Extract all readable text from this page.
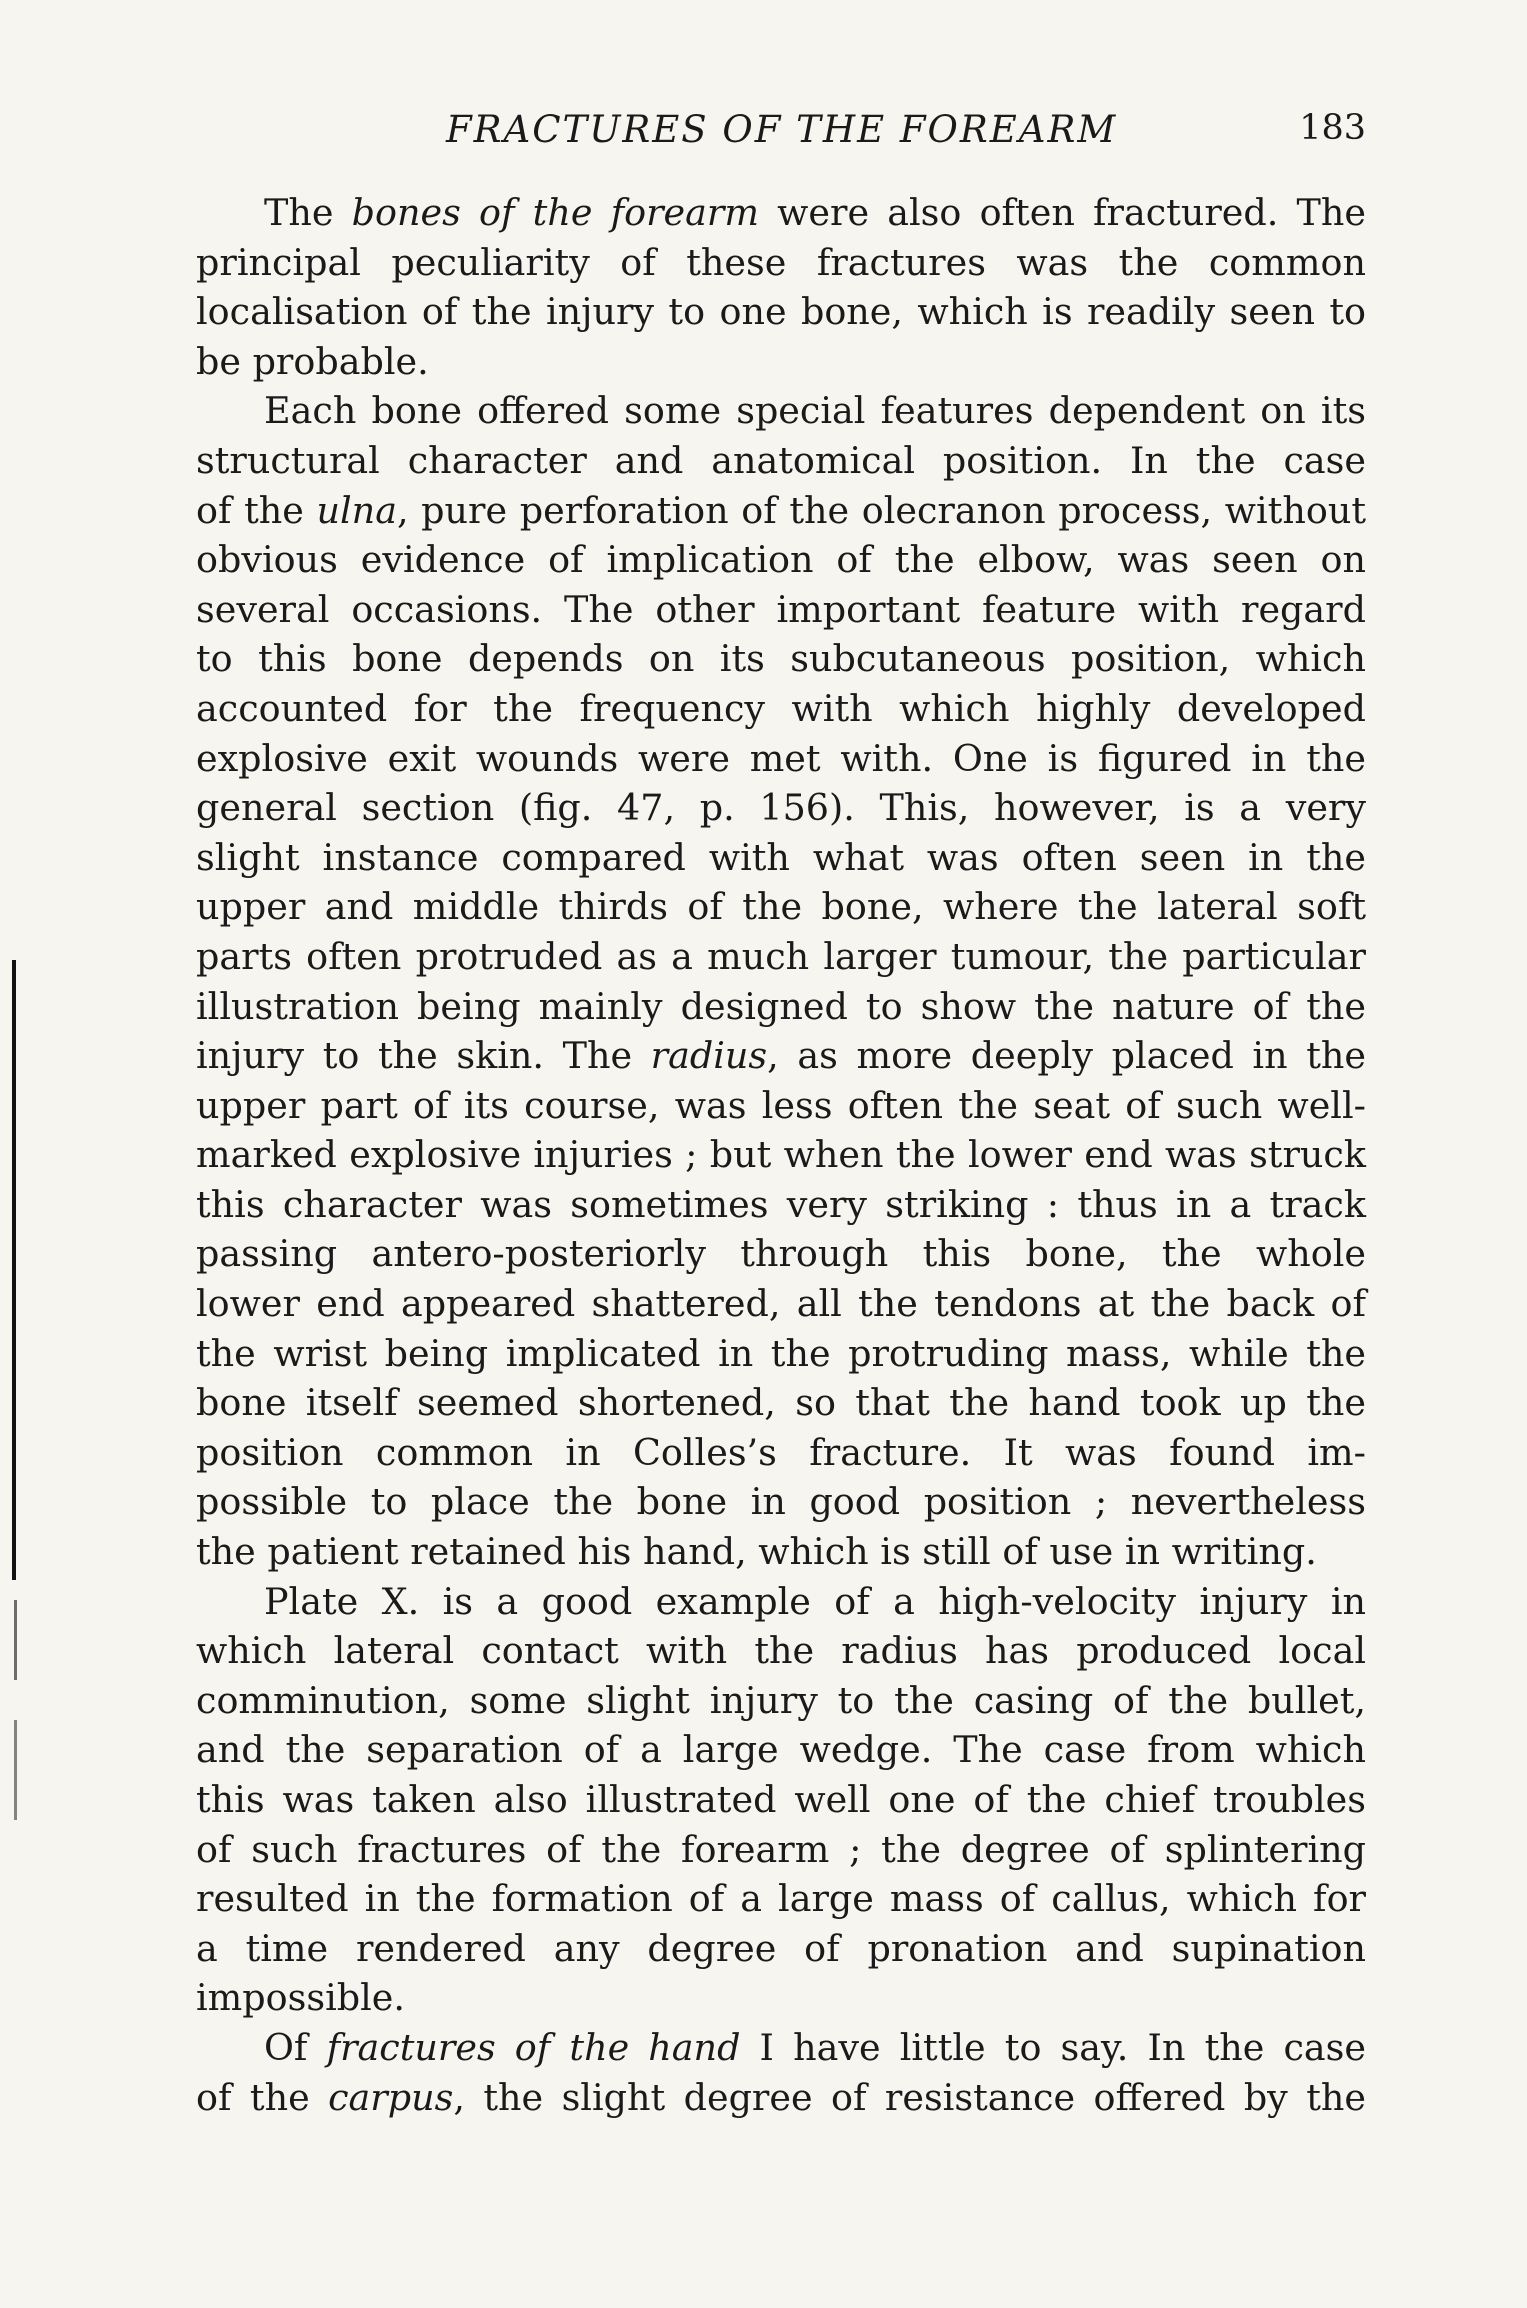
FRACTURES OF THE FOREARM	183
The bones of the forearm were also often fractured. The
principal peculiarity of these fractures was the common
localisation of the injury to one bone, which is readily seen to
be probable.
Each bone offered some special features dependent on its
structural character and anatomical position. In the case
of the ulna, pure perforation of the olecranon process, without
obvious evidence of implication of the elbow, was seen on
several occasions. The other important feature with regard
to this bone depends on its subcutaneous position, which
accounted for the frequency with which highly developed
explosive exit wounds were met with. One is figured in the
general section (fig. 47, p. 156). This, however, is a very
slight instance compared with what was often seen in the
upper and middle thirds of the bone, where the lateral soft
parts often protruded as a much larger tumour, the particular
illustration being mainly designed to show the nature of the
injury to the skin. The radius, as more deeply placed in the
upper part of its course, was less often the seat of such well-
marked explosive injuries ; but when the lower end was struck
this character was sometimes very striking : thus in a track
passing antero-posteriorly through this bone, the whole
lower end appeared shattered, all the tendons at the back of
the wrist being implicated in the protruding mass, while the
bone itself seemed shortened, so that the hand took up the
position common in Colles’s fracture. It was found im-
possible to place the bone in good position ; nevertheless
the patient retained his hand, which is still of use in writing.
Plate X. is a good example of a high-velocity injury in
which lateral contact with the radius has produced local
comminution, some slight injury to the casing of the bullet,
and the separation of a large wedge. The case from which
this was taken also illustrated well one of the chief troubles
of such fractures of the forearm ; the degree of splintering
resulted in the formation of a large mass of callus, which for
a time rendered any degree of pronation and supination
impossible.
Of fractures of the hand I have little to say. In the case
of the carpus, the slight degree of resistance offered by the
